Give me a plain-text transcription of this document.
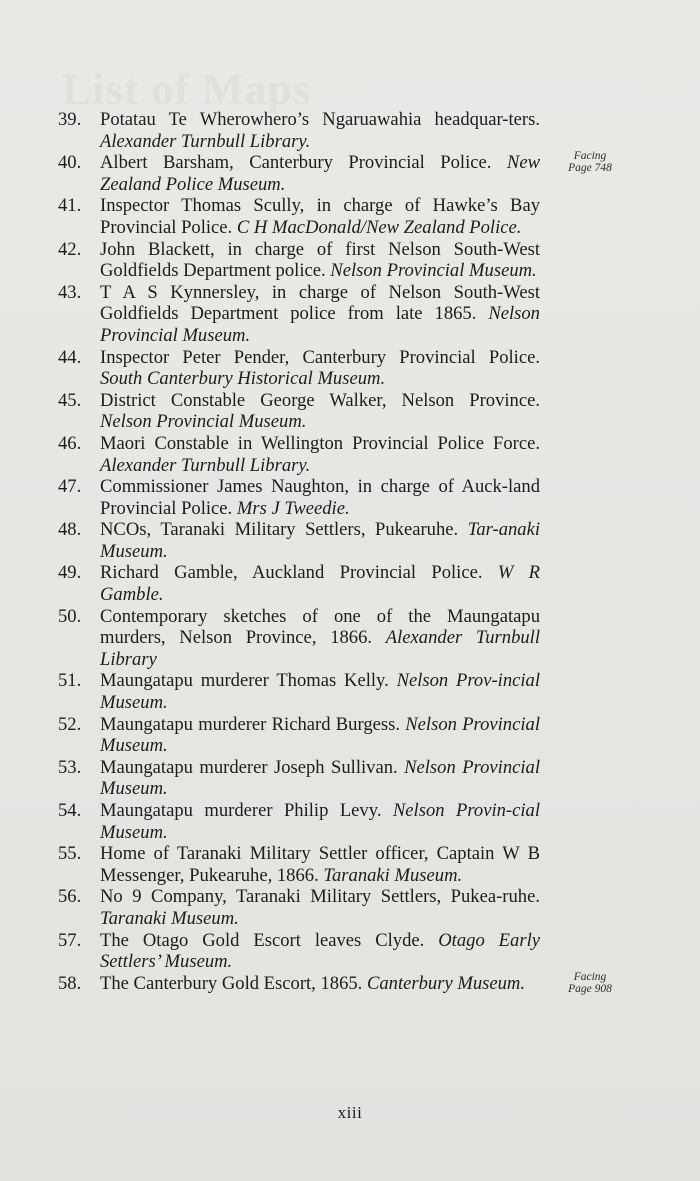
39. Potatau Te Wherowhero’s Ngaruawahia headquar-ters. Alexander Turnbull Library.
40. Albert Barsham, Canterbury Provincial Police. New Zealand Police Museum.
41. Inspector Thomas Scully, in charge of Hawke’s Bay Provincial Police. C H MacDonald/New Zealand Police.
42. John Blackett, in charge of first Nelson South-West Goldfields Department police. Nelson Provincial Museum.
43. T A S Kynnersley, in charge of Nelson South-West Goldfields Department police from late 1865. Nelson Provincial Museum.
44. Inspector Peter Pender, Canterbury Provincial Police. South Canterbury Historical Museum.
45. District Constable George Walker, Nelson Province. Nelson Provincial Museum.
46. Maori Constable in Wellington Provincial Police Force. Alexander Turnbull Library.
47. Commissioner James Naughton, in charge of Auck-land Provincial Police. Mrs J Tweedie.
48. NCOs, Taranaki Military Settlers, Pukearuhe. Tar-anaki Museum.
49. Richard Gamble, Auckland Provincial Police. W R Gamble.
50. Contemporary sketches of one of the Maungatapu murders, Nelson Province, 1866. Alexander Turnbull Library
51. Maungatapu murderer Thomas Kelly. Nelson Prov-incial Museum.
52. Maungatapu murderer Richard Burgess. Nelson Provincial Museum.
53. Maungatapu murderer Joseph Sullivan. Nelson Provincial Museum.
54. Maungatapu murderer Philip Levy. Nelson Provin-cial Museum.
55. Home of Taranaki Military Settler officer, Captain W B Messenger, Pukearuhe, 1866. Taranaki Museum.
56. No 9 Company, Taranaki Military Settlers, Pukea-ruhe. Taranaki Museum.
57. The Otago Gold Escort leaves Clyde. Otago Early Settlers’ Museum.
58. The Canterbury Gold Escort, 1865. Canterbury Museum.
Facing
Page 748
Facing
Page 908
xiii
